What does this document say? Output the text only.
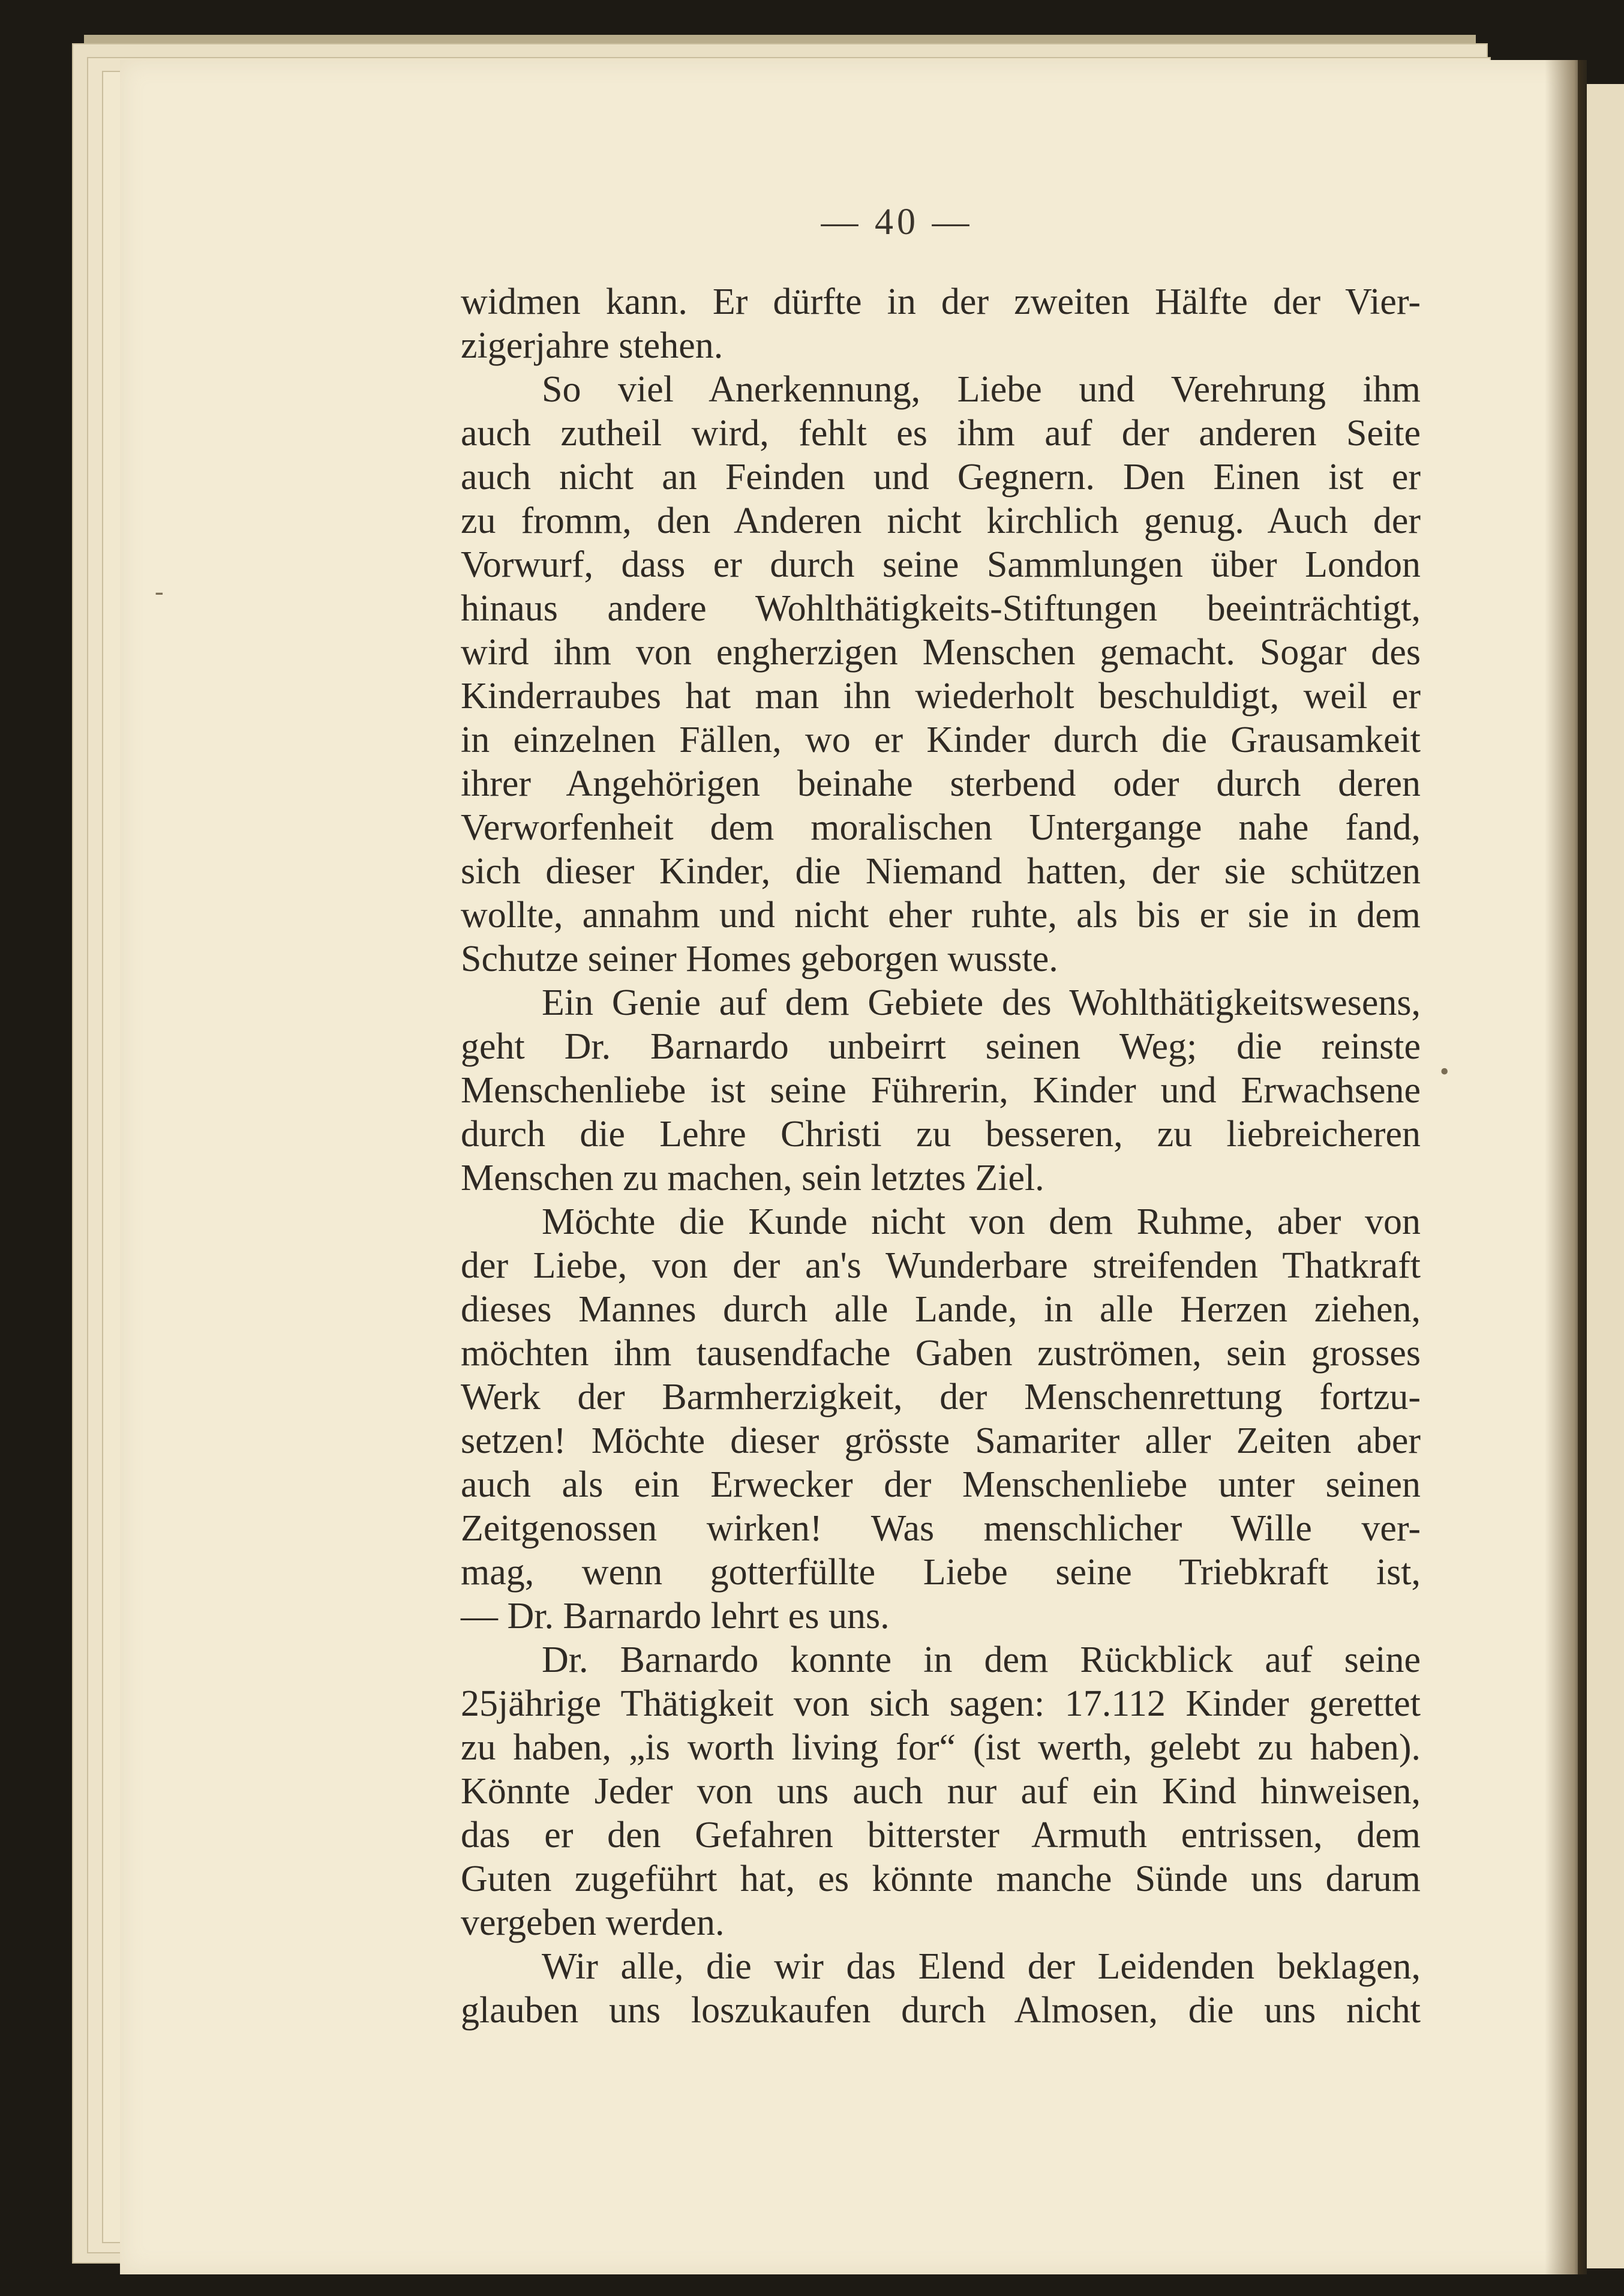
-
•
— 40 —
widmen kann. Er dürfte in der zweiten Hälfte der Vier-
zigerjahre stehen.
So viel Anerkennung, Liebe und Verehrung ihm
auch zutheil wird, fehlt es ihm auf der anderen Seite
auch nicht an Feinden und Gegnern. Den Einen ist er
zu fromm, den Anderen nicht kirchlich genug. Auch der
Vorwurf, dass er durch seine Sammlungen über London
hinaus andere Wohlthätigkeits-Stiftungen beeinträchtigt,
wird ihm von engherzigen Menschen gemacht. Sogar des
Kinderraubes hat man ihn wiederholt beschuldigt, weil er
in einzelnen Fällen, wo er Kinder durch die Grausamkeit
ihrer Angehörigen beinahe sterbend oder durch deren
Verworfenheit dem moralischen Untergange nahe fand,
sich dieser Kinder, die Niemand hatten, der sie schützen
wollte, annahm und nicht eher ruhte, als bis er sie in dem
Schutze seiner Homes geborgen wusste.
Ein Genie auf dem Gebiete des Wohlthätigkeitswesens,
geht Dr. Barnardo unbeirrt seinen Weg; die reinste
Menschenliebe ist seine Führerin, Kinder und Erwachsene
durch die Lehre Christi zu besseren, zu liebreicheren
Menschen zu machen, sein letztes Ziel.
Möchte die Kunde nicht von dem Ruhme, aber von
der Liebe, von der an's Wunderbare streifenden Thatkraft
dieses Mannes durch alle Lande, in alle Herzen ziehen,
möchten ihm tausendfache Gaben zuströmen, sein grosses
Werk der Barmherzigkeit, der Menschenrettung fortzu-
setzen! Möchte dieser grösste Samariter aller Zeiten aber
auch als ein Erwecker der Menschenliebe unter seinen
Zeitgenossen wirken! Was menschlicher Wille ver-
mag, wenn gotterfüllte Liebe seine Triebkraft ist,
— Dr. Barnardo lehrt es uns.
Dr. Barnardo konnte in dem Rückblick auf seine
25jährige Thätigkeit von sich sagen: 17.112 Kinder gerettet
zu haben, „is worth living for“ (ist werth, gelebt zu haben).
Könnte Jeder von uns auch nur auf ein Kind hinweisen,
das er den Gefahren bitterster Armuth entrissen, dem
Guten zugeführt hat, es könnte manche Sünde uns darum
vergeben werden.
Wir alle, die wir das Elend der Leidenden beklagen,
glauben uns loszukaufen durch Almosen, die uns nicht
